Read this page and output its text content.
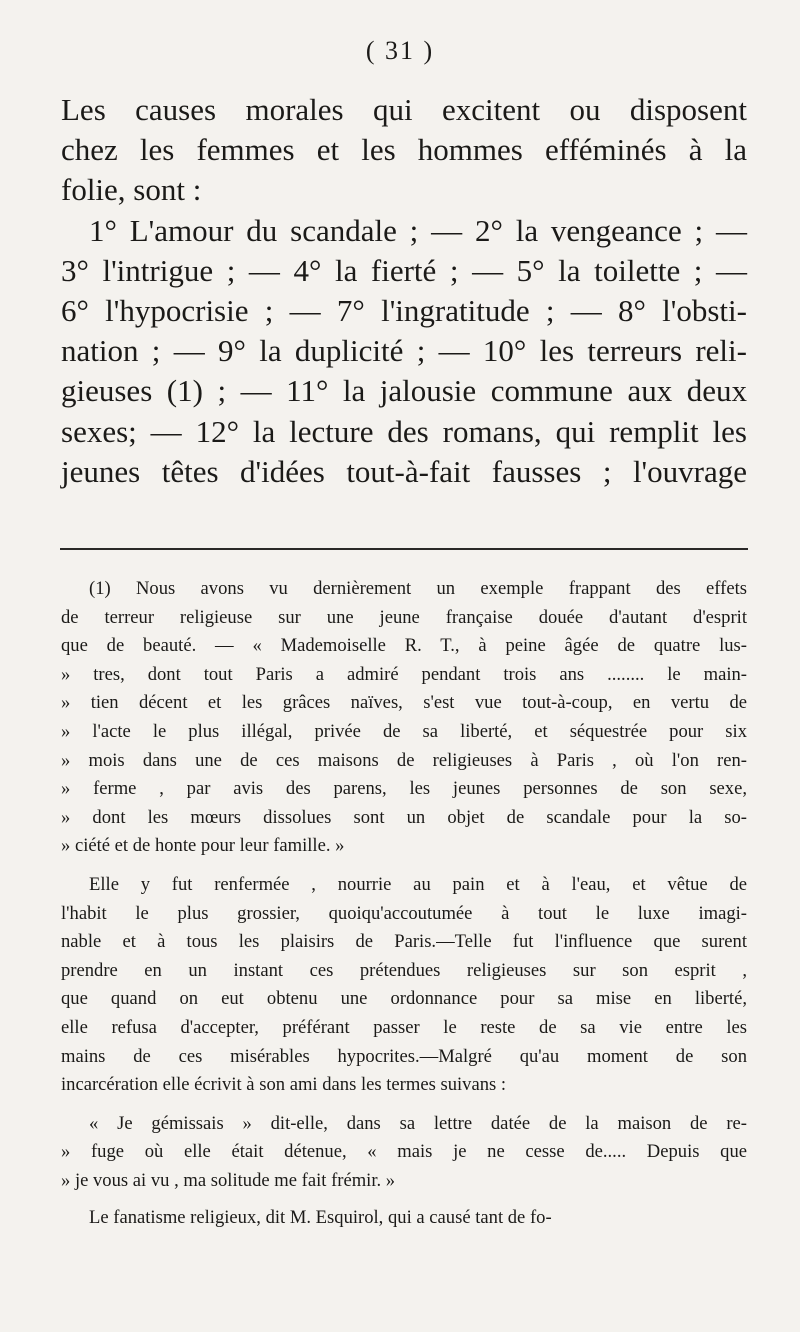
( 31 )
Les causes morales qui excitent ou disposent
chez les femmes et les hommes efféminés à la
folie, sont :
1° L'amour du scandale ; — 2° la vengeance ; —
3° l'intrigue ; — 4° la fierté ; — 5° la toilette ; —
6° l'hypocrisie ; — 7° l'ingratitude ; — 8° l'obsti-
nation ; — 9° la duplicité ; — 10° les terreurs reli-
gieuses (1) ; — 11° la jalousie commune aux deux
sexes; — 12° la lecture des romans, qui remplit les
jeunes têtes d'idées tout-à-fait fausses ; l'ouvrage
(1) Nous avons vu dernièrement un exemple frappant des effets
de terreur religieuse sur une jeune française douée d'autant d'esprit
que de beauté. — « Mademoiselle R. T., à peine âgée de quatre lus-
» tres, dont tout Paris a admiré pendant trois ans ........ le main-
» tien décent et les grâces naïves, s'est vue tout-à-coup, en vertu de
» l'acte le plus illégal, privée de sa liberté, et séquestrée pour six
» mois dans une de ces maisons de religieuses à Paris , où l'on ren-
» ferme , par avis des parens, les jeunes personnes de son sexe,
» dont les mœurs dissolues sont un objet de scandale pour la so-
» ciété et de honte pour leur famille. »
Elle y fut renfermée , nourrie au pain et à l'eau, et vêtue de
l'habit le plus grossier, quoiqu'accoutumée à tout le luxe imagi-
nable et à tous les plaisirs de Paris.—Telle fut l'influence que surent
prendre en un instant ces prétendues religieuses sur son esprit ,
que quand on eut obtenu une ordonnance pour sa mise en liberté,
elle refusa d'accepter, préférant passer le reste de sa vie entre les
mains de ces misérables hypocrites.—Malgré qu'au moment de son
incarcération elle écrivit à son ami dans les termes suivans :
« Je gémissais » dit-elle, dans sa lettre datée de la maison de re-
» fuge où elle était détenue, « mais je ne cesse de..... Depuis que
» je vous ai vu , ma solitude me fait frémir. »
Le fanatisme religieux, dit M. Esquirol, qui a causé tant de fo-
